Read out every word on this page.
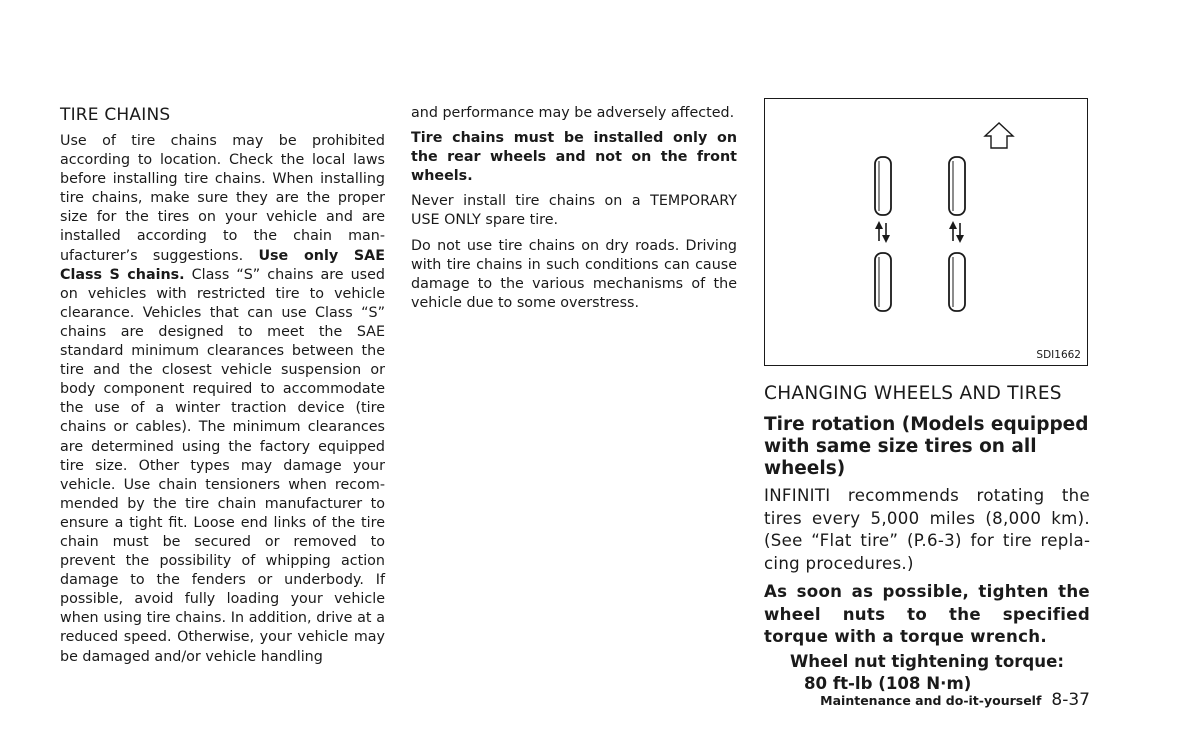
TIRE CHAINS

Use of tire chains may be prohibited according to location. Check the local laws before installing tire chains. When installing tire chains, make sure they are the proper size for the tires on your vehicle and are installed according to the chain manufacturer’s suggestions. Use only SAE Class S chains. Class “S” chains are used on vehicles with restricted tire to vehicle clearance. Vehicles that can use Class “S” chains are designed to meet the SAE standard minimum clearances between the tire and the closest vehicle suspension or body component required to accommodate the use of a winter traction device (tire chains or cables). The minimum clearances are determined using the factory equipped tire size. Other types may damage your vehicle. Use chain tensioners when recommended by the tire chain manufacturer to ensure a tight fit. Loose end links of the tire chain must be secured or removed to prevent the possibility of whipping action damage to the fenders or underbody. If possible, avoid fully loading your vehicle when using tire chains. In addition, drive at a reduced speed. Otherwise, your vehicle may be damaged and/or vehicle handling

and performance may be adversely affected.

Tire chains must be installed only on the rear wheels and not on the front wheels.

Never install tire chains on a TEMPORARY USE ONLY spare tire.

Do not use tire chains on dry roads. Driving with tire chains in such conditions can cause damage to the various mechanisms of the vehicle due to some overstress.

SDI1662
CHANGING WHEELS AND TIRES
Tire rotation (Models equipped with same size tires on all wheels)

INFINITI recommends rotating the tires every 5,000 miles (8,000 km). (See “Flat tire” (P.6-3) for tire replacing procedures.)

As soon as possible, tighten the wheel nuts to the specified torque with a torque wrench.

Wheel nut tightening torque:
80 ft-lb (108 N·m)
Maintenance and do-it-yourself 8-37
